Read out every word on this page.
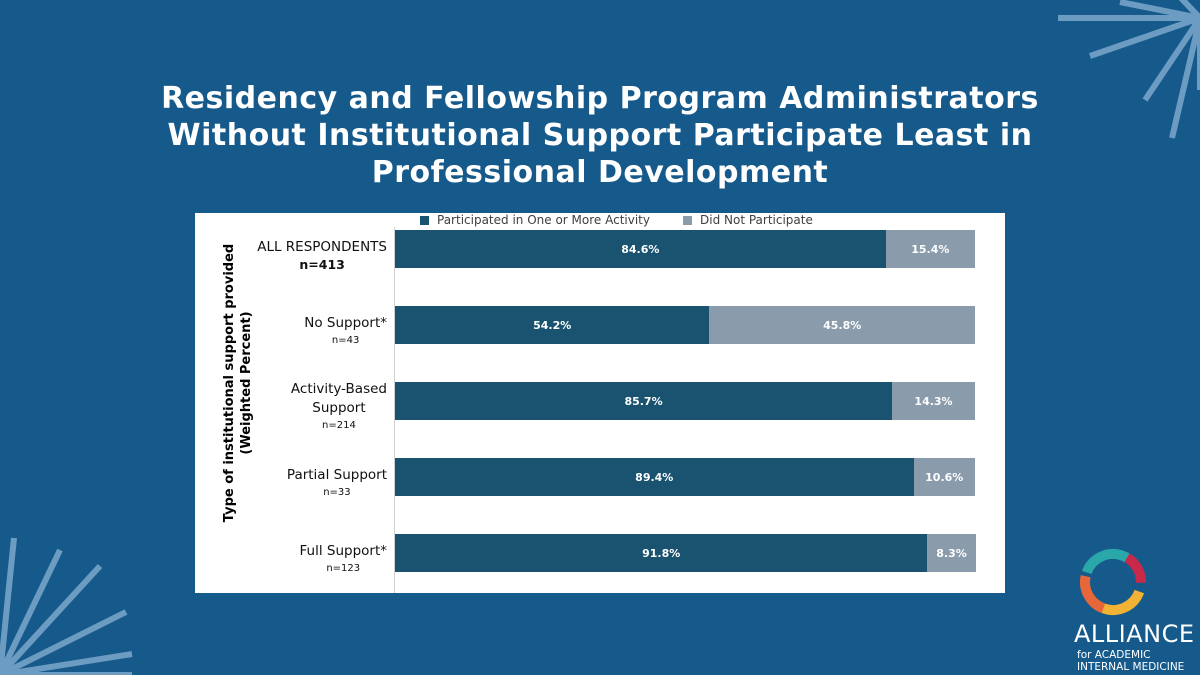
Residency and Fellowship Program Administrators
Without Institutional Support Participate Least in
Professional Development
Participated in One or More Activity	Did Not Participate
Type of institutional support provided (Weighted Percent)
ALL RESPONDENTS
n=413
No Support*
n=43
Activity-Based
Support
n=214
Partial Support
n=33
Full Support*
n=123
84.6%	15.4%
54.2%	45.8%
85.7%	14.3%
89.4%	10.6%
91.8%	8.3%
ALLIANCE
for ACADEMIC
INTERNAL MEDICINE
